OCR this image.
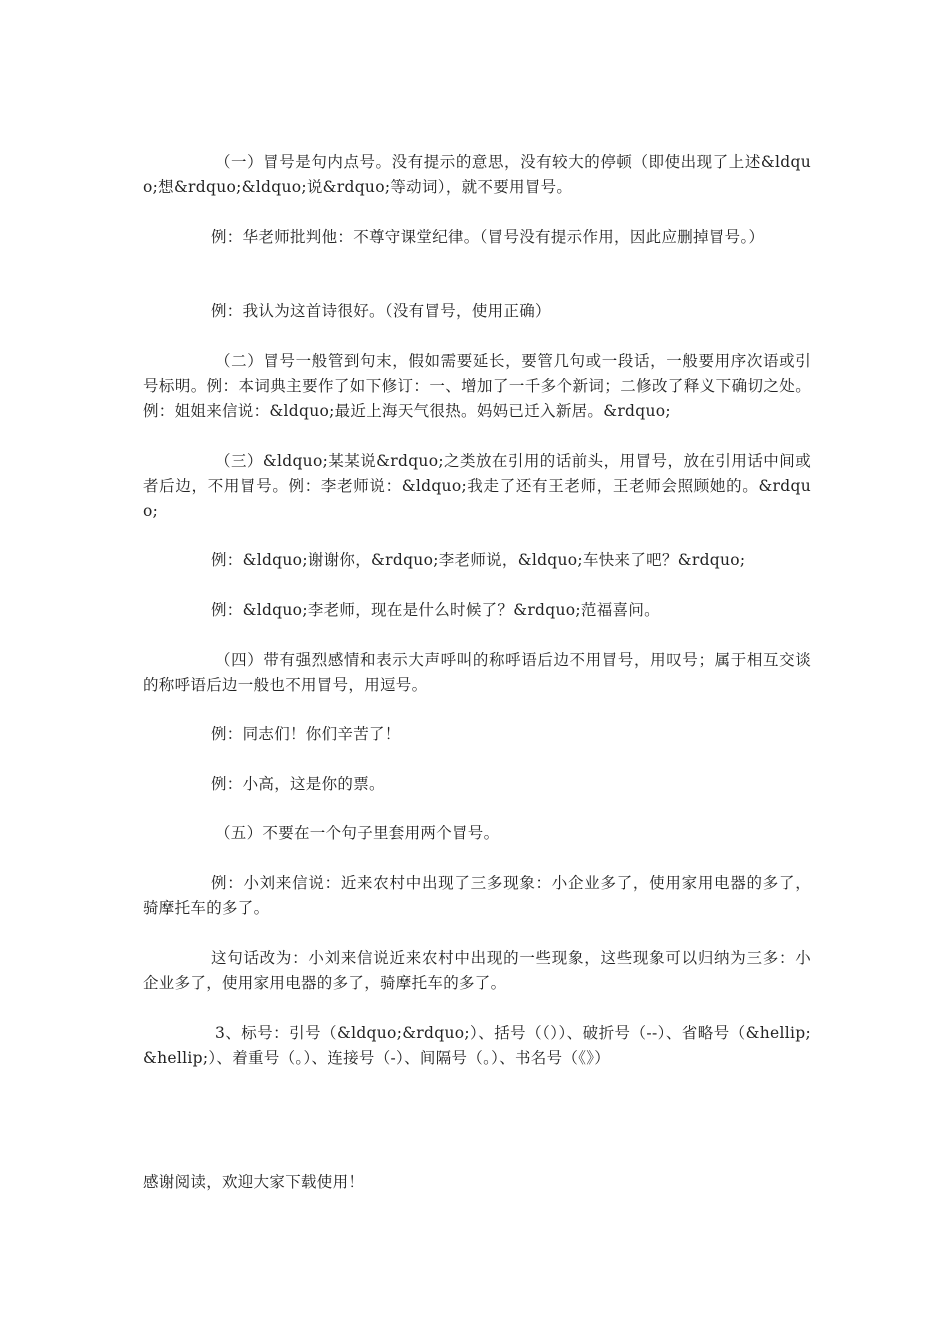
（一）冒号是句内点号。没有提示的意思，没有较大的停顿（即使出现了上述&ldquo;想&rdquo;&ldquo;说&rdquo;等动词），就不要用冒号。

例：华老师批判他：不尊守课堂纪律。（冒号没有提示作用，因此应删掉冒号。）

例：我认为这首诗很好。（没有冒号，使用正确）

（二）冒号一般管到句末，假如需要延长，要管几句或一段话，一般要用序次语或引号标明。例：本词典主要作了如下修订：一、增加了一千多个新词；二修改了释义下确切之处。例：姐姐来信说：&ldquo;最近上海天气很热。妈妈已迁入新居。&rdquo;

（三）&ldquo;某某说&rdquo;之类放在引用的话前头，用冒号，放在引用话中间或者后边，不用冒号。例：李老师说：&ldquo;我走了还有王老师，王老师会照顾她的。&rdquo;

例：&ldquo;谢谢你，&rdquo;李老师说，&ldquo;车快来了吧？&rdquo;

例：&ldquo;李老师，现在是什么时候了？&rdquo;范福喜问。

（四）带有强烈感情和表示大声呼叫的称呼语后边不用冒号，用叹号；属于相互交谈的称呼语后边一般也不用冒号，用逗号。

例：同志们！你们辛苦了！

例：小高，这是你的票。

（五）不要在一个句子里套用两个冒号。

例：小刘来信说：近来农村中出现了三多现象：小企业多了，使用家用电器的多了，骑摩托车的多了。

这句话改为：小刘来信说近来农村中出现的一些现象，这些现象可以归纳为三多：小企业多了，使用家用电器的多了，骑摩托车的多了。

3、标号：引号（&ldquo;&rdquo;）、括号（（））、破折号（--）、省略号（&hellip;&hellip;）、着重号（。）、连接号（-）、间隔号（。）、书名号（《》）

感谢阅读，欢迎大家下载使用！
